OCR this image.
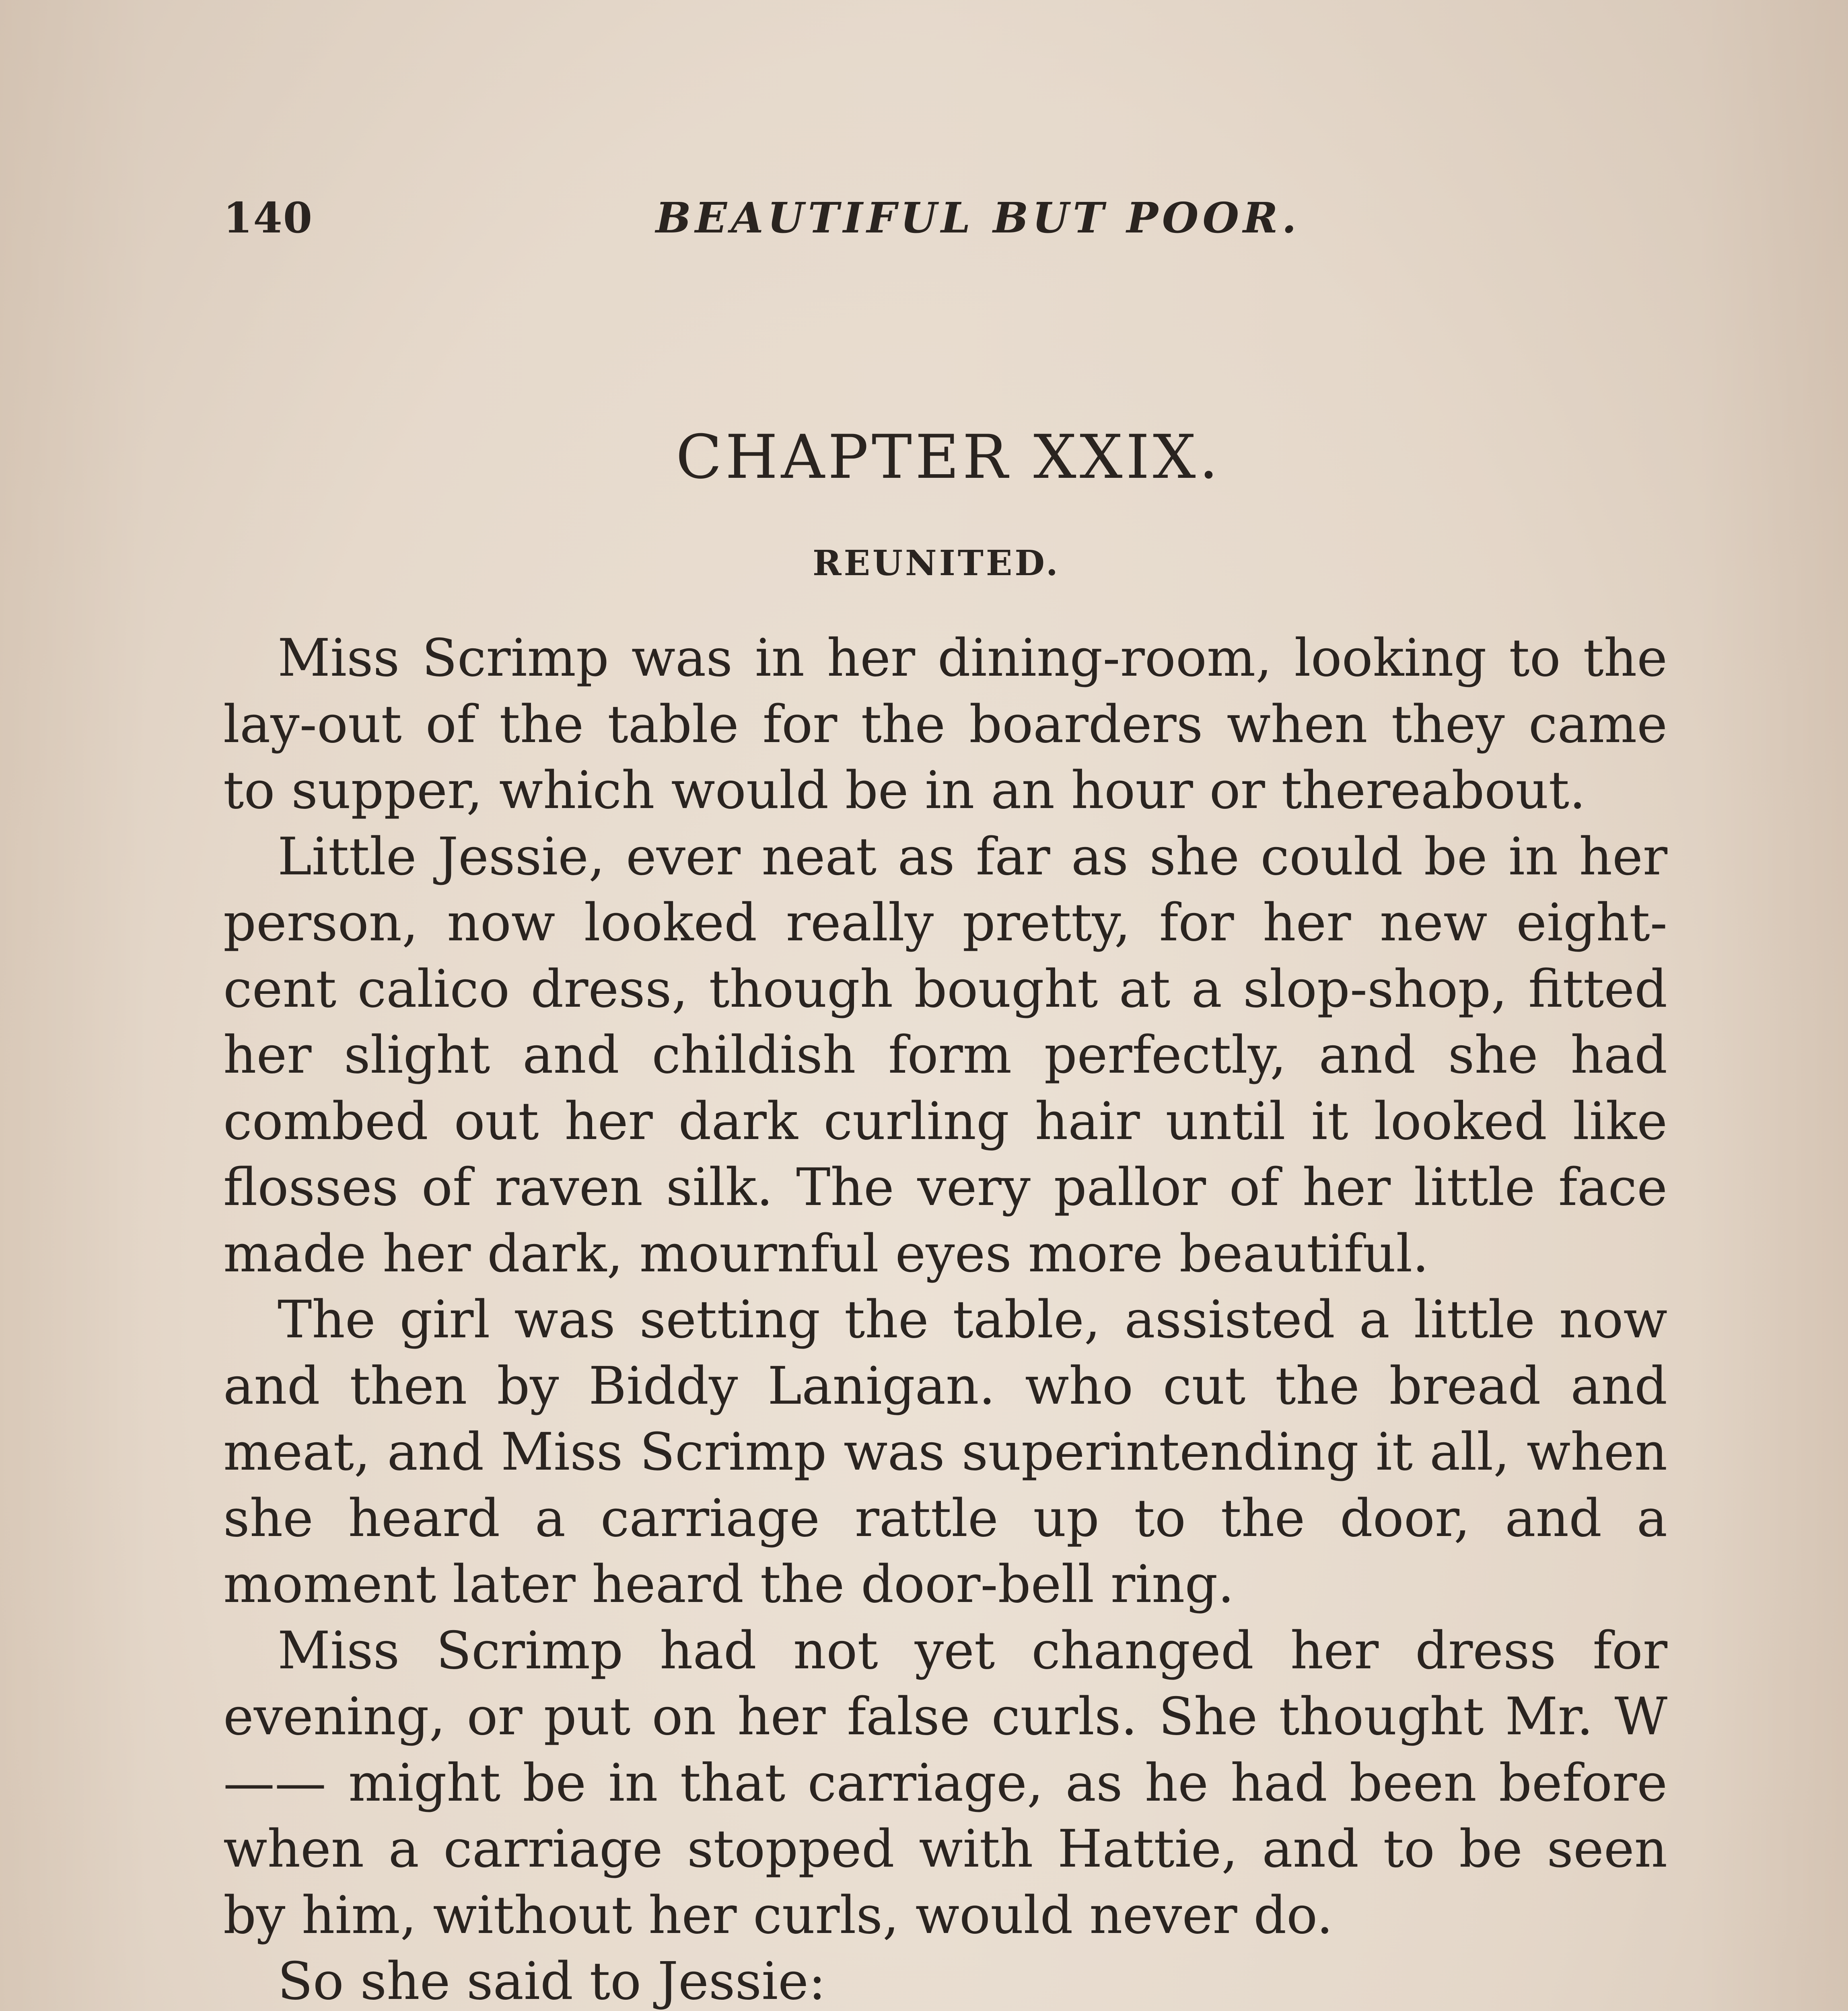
140	BEAUTIFUL BUT POOR.
CHAPTER XXIX.
REUNITED.

Miss Scrimp was in her dining-room, looking to the lay-out of the table for the boarders when they came to supper, which would be in an hour or thereabout.

Little Jessie, ever neat as far as she could be in her person, now looked really pretty, for her new eight-cent calico dress, though bought at a slop-shop, fitted her slight and childish form perfectly, and she had combed out her dark curling hair until it looked like flosses of raven silk. The very pallor of her little face made her dark, mournful eyes more beautiful.

The girl was setting the table, assisted a little now and then by Biddy Lanigan. who cut the bread and meat, and Miss Scrimp was superintending it all, when she heard a carriage rattle up to the door, and a moment later heard the door-bell ring.

Miss Scrimp had not yet changed her dress for evening, or put on her false curls. She thought Mr. W—— might be in that carriage, as he had been before when a carriage stopped with Hattie, and to be seen by him, without her curls, would never do.

So she said to Jessie:
